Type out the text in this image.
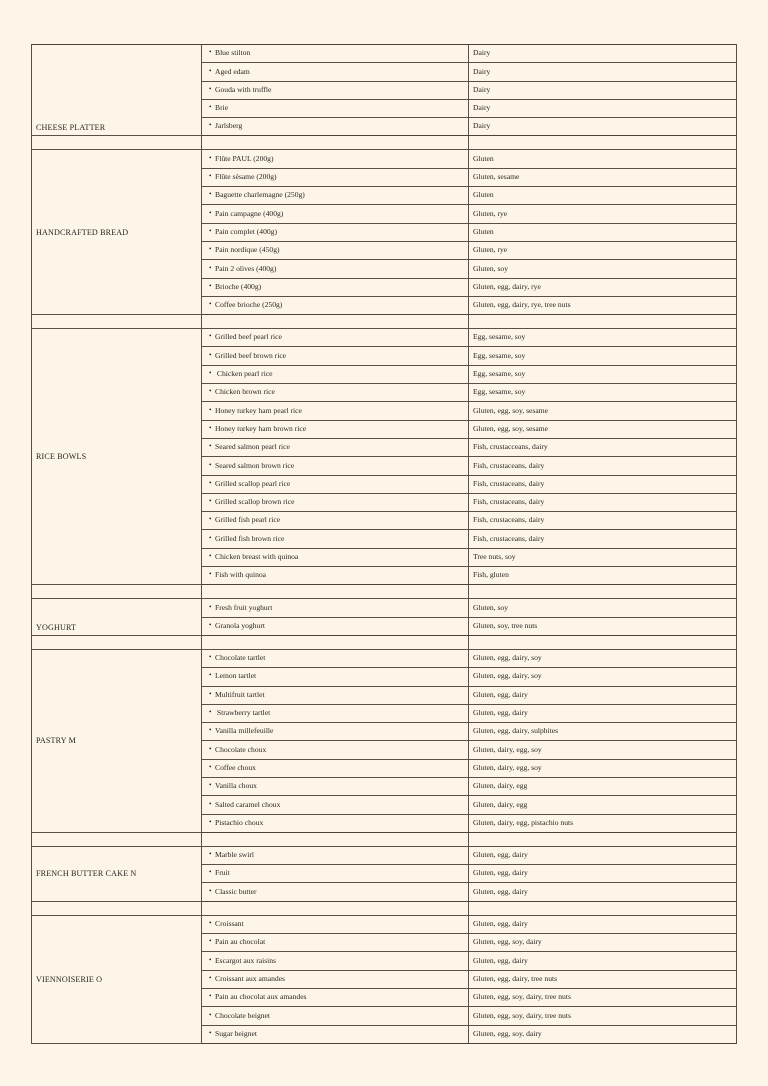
CHEESE PLATTER	• Blue stilton	Dairy
	• Aged edam	Dairy
	• Gouda with truffle	Dairy
	• Brie	Dairy
	• Jarlsberg	Dairy

HANDCRAFTED BREAD	• Flûte PAUL (200g)	Gluten
	• Flûte sésame (200g)	Gluten, sesame
	• Baguette charlemagne (250g)	Gluten
	• Pain campagne (400g)	Gluten, rye
	• Pain complet (400g)	Gluten
	• Pain nordique (450g)	Gluten, rye
	• Pain 2 olives (400g)	Gluten, soy
	• Brioche (400g)	Gluten, egg, dairy, rye
	• Coffee brioche (250g)	Gluten, egg, dairy, rye, tree nuts

RICE BOWLS	• Grilled beef pearl rice	Egg, sesame, soy
	• Grilled beef brown rice	Egg, sesame, soy
	• Chicken pearl rice	Egg, sesame, soy
	• Chicken brown rice	Egg, sesame, soy
	• Honey turkey ham pearl rice	Gluten, egg, soy, sesame
	• Honey turkey ham brown rice	Gluten, egg, soy, sesame
	• Seared salmon pearl rice	Fish, crustacceans, dairy
	• Seared salmon brown rice	Fish, crustaceans, dairy
	• Grilled scallop pearl rice	Fish, crustaceans, dairy
	• Grilled scallop brown rice	Fish, crustaceans, dairy
	• Grilled fish pearl rice	Fish, crustaceans, dairy
	• Grilled fish brown rice	Fish, crustaceans, dairy
	• Chicken breast with quinoa	Tree nuts, soy
	• Fish with quinoa	Fish, gluten

YOGHURT	• Fresh fruit yoghurt	Gluten, soy
	• Granola yoghurt	Gluten, soy, tree nuts

PASTRY M	• Chocolate tartlet	Gluten, egg, dairy, soy
	• Lemon tartlet	Gluten, egg, dairy, soy
	• Multifruit tartlet	Gluten, egg, dairy
	• Strawberry tartlet	Gluten, egg, dairy
	• Vanilla millefeuille	Gluten, egg, dairy, sulphites
	• Chocolate choux	Gluten, dairy, egg, soy
	• Coffee choux	Gluten, dairy, egg, soy
	• Vanilla choux	Gluten, dairy, egg
	• Salted caramel choux	Gluten, dairy, egg
	• Pistachio choux	Gluten, dairy, egg, pistachio nuts

FRENCH BUTTER CAKE N	• Marble swirl	Gluten, egg, dairy
	• Fruit	Gluten, egg, dairy
	• Classic butter	Gluten, egg, dairy

VIENNOISERIE O	• Croissant	Gluten, egg, dairy
	• Pain au chocolat	Gluten, egg, soy, dairy
	• Escargot aux raisins	Gluten, egg, dairy
	• Croissant aux amandes	Gluten, egg, dairy, tree nuts
	• Pain au chocolat aux amandes	Gluten, egg, soy, dairy, tree nuts
	• Chocolate beignet	Gluten, egg, soy, dairy, tree nuts
	• Sugar beignet	Gluten, egg, soy, dairy
